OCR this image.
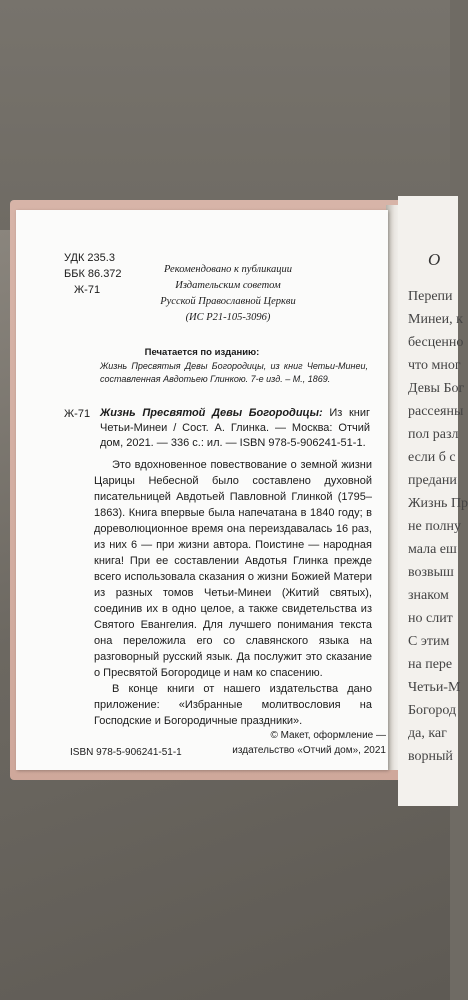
О
Перепи
Минеи, к
бесценно
что мног
Девы Бог
рассеяны
пол разл
если б с
предани
Жизнь Пр
не полну
мала еш
возвыш
знаком
но слит
С этим
на пере
Четьи-М
Богород
да, каг
ворный
УДК 235.3
ББК 86.372
Ж-71
Рекомендовано к публикации
Издательским советом
Русской Православной Церкви
(ИС Р21-105-3096)
Печатается по изданию:
Жизнь Пресвятыя Девы Богородицы, из книг Четьи-Минеи, составленная Авдотьею Глинкою. 7-е изд. – М., 1869.
Ж-71 Жизнь Пресвятой Девы Богородицы: Из книг Четьи-Минеи / Сост. А. Глинка. — Москва: Отчий дом, 2021. — 336 с.: ил. — ISBN 978-5-906241-51-1.

Это вдохновенное повествование о земной жизни Царицы Небесной было составлено духовной писательницей Авдотьей Павловной Глинкой (1795–1863). Книга впервые была напечатана в 1840 году; в дореволюционное время она переиздавалась 16 раз, из них 6 — при жизни автора. Поистине — народная книга! При ее составлении Авдотья Глинка прежде всего использовала сказания о жизни Божией Матери из разных томов Четьи-Минеи (Житий святых), соединив их в одно целое, а также свидетельства из Святого Евангелия. Для лучшего понимания текста она переложила его со славянского языка на разговорный русский язык. Да послужит это сказание о Пресвятой Богородице и нам ко спасению.

В конце книги от нашего издательства дано приложение: «Избранные молитвословия на Господские и Богородичные праздники».

ISBN 978-5-906241-51-1
© Макет, оформление —
издательство «Отчий дом», 2021
